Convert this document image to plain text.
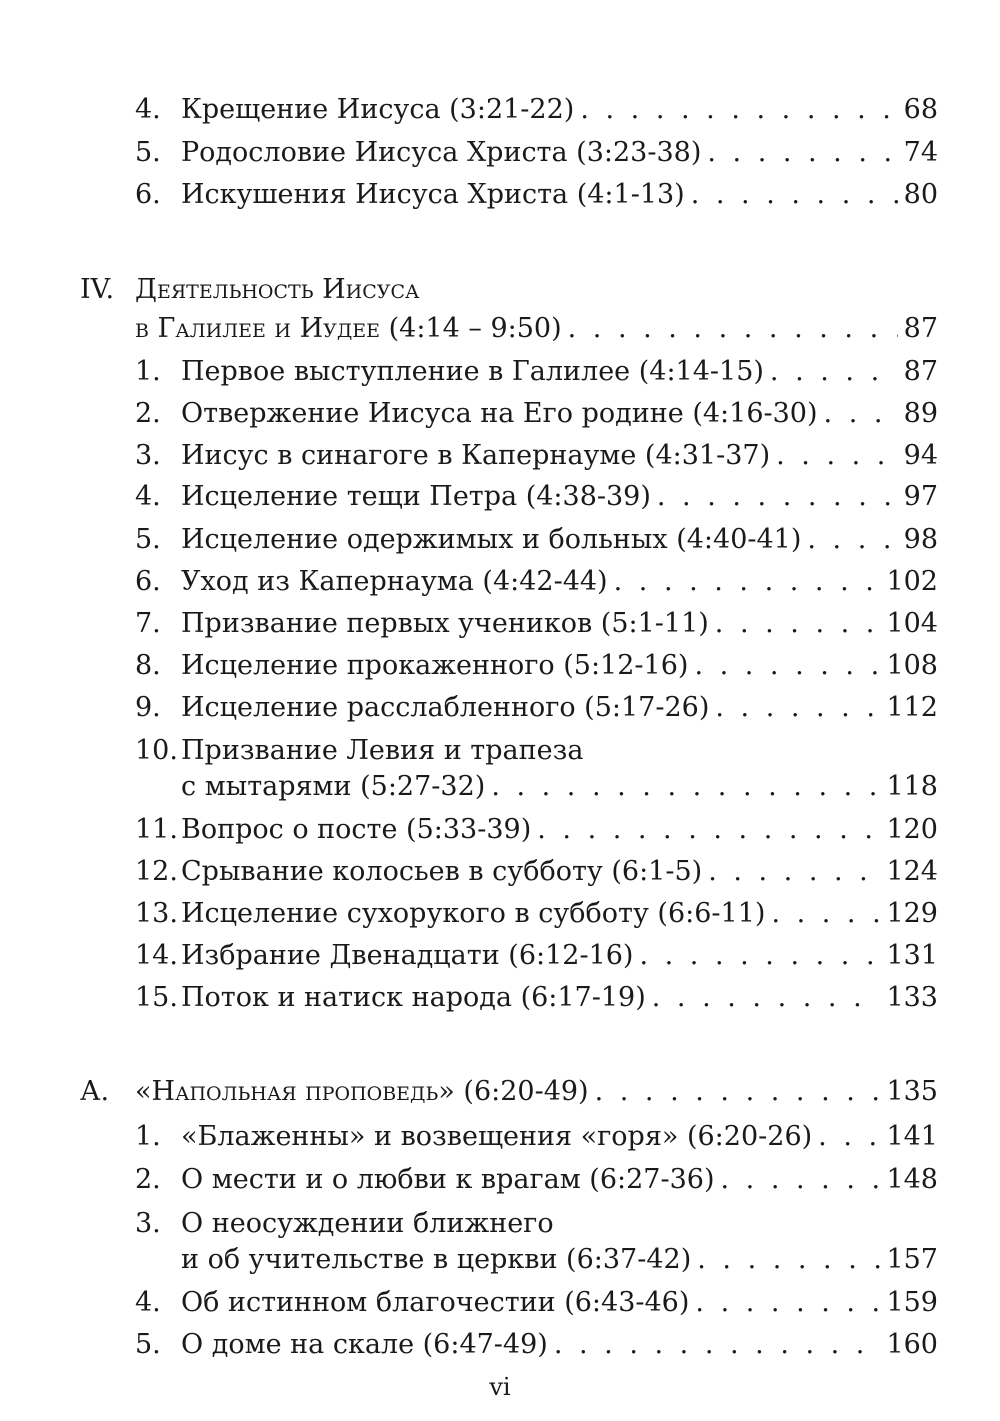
4. Крещение Иисуса (3:21-22) . . .	68
5. Родословие Иисуса Христа (3:23-38) . . .	74
6. Искушения Иисуса Христа (4:1-13) . . .	80
IV. Деятельность Иисуса
в Галилее и Иудее (4:14 – 9:50) . . .	87
1. Первое выступление в Галилее (4:14-15) . . .	87
2. Отвержение Иисуса на Его родине (4:16-30) . . .	89
3. Иисус в синагоге в Капернауме (4:31-37) . . .	94
4. Исцеление тещи Петра (4:38-39) . . .	97
5. Исцеление одержимых и больных (4:40-41) . . .	98
6. Уход из Капернаума (4:42-44) . . .	102
7. Призвание первых учеников (5:1-11) . . .	104
8. Исцеление прокаженного (5:12-16) . . .	108
9. Исцеление расслабленного (5:17-26) . . .	112
10. Призвание Левия и трапеза
с мытарями (5:27-32) . . .	118
11. Вопрос о посте (5:33-39) . . .	120
12. Срывание колосьев в субботу (6:1-5) . . .	124
13. Исцеление сухорукого в субботу (6:6-11) . . .	129
14. Избрание Двенадцати (6:12-16) . . .	131
15. Поток и натиск народа (6:17-19) . . .	133
А. «Напольная проповедь» (6:20-49) . . .	135
1. «Блаженны» и возвещения «горя» (6:20-26) . . .	141
2. О мести и о любви к врагам (6:27-36) . . .	148
3. О неосуждении ближнего
и об учительстве в церкви (6:37-42) . . .	157
4. Об истинном благочестии (6:43-46) . . .	159
5. О доме на скале (6:47-49) . . .	160
vi
